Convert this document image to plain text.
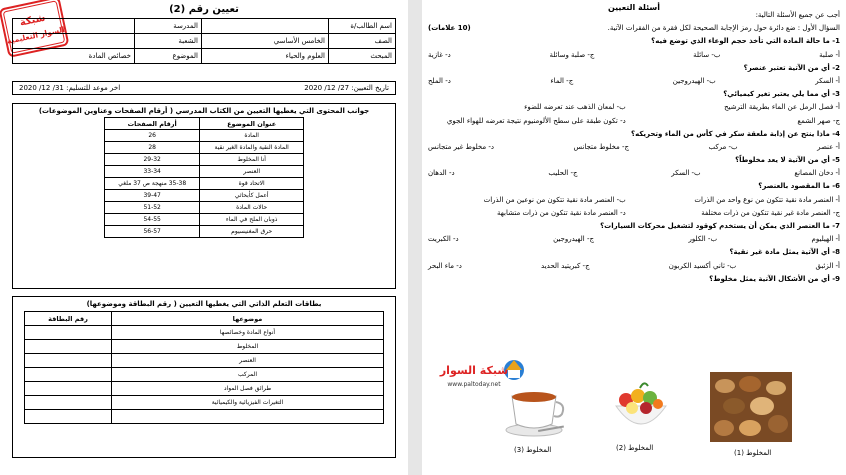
تعيين رقم (2)
شبكة
السوار التعليمية	اسم الطالب/ة		المدرسة	
الصف	الخامس الأساسي	الشعبة	
المبحث	العلوم والحياء	الموضوع	خصائص المادة
تاريخ التعيين: 27/ 12/ 2020
اخر موعد للتسليم: 31/ 12/ 2020
جوانب المحتوى التي يغطيها التعيين من الكتاب المدرسي ( أرقام الصفحات وعناوين الموضوعات)
عنوان الموضوع	أرقام الصفحات
المادة	26
المادة النقية والمادة الغير نقية	28
أنا المخلوط	29-32
العنصر	33-34
الاتحاد قوة	35-38 منهجة ص 37 ملغي
أعمل كأبحاثي	39-47
حالات المادة	51-52
ذوبان الملح في الماء	54-55
حرق المغنيسيوم	56-57
بطاقات التعلم الذاتي التي يغطيها التعيين ( رقم البطاقة وموضوعها)
موضوعها	رقم البطاقة
أنواع المادة وخصائصها	
المخلوط	
العنصر	
المركب	
طرائق فصل المواد	
التغيرات الفيزيائية والكيميائية	

أسئلة التعيين
أجب عن جميع الأسئلة التالية:
السؤال الأول : ضع دائرة حول رمز الإجابة الصحيحة لكل فقرة من الفقرات الآتية.
(10 علامات)
1- ما حالة المادة التي تأخذ حجم الوعاء الذي توضع فيه؟
أ- صلبة
ب- سائلة
ج- صلبة وسائلة
د- غازية
2- أي من الآتية تعتبر عنصر؟
أ- السكر
ب- الهيدروجين
ج- الماء
د- الملح
3- أي مما يلي يعتبر تغير كيميائي؟
أ- فصل الرمل عن الماء بطريقة الترشيح
ب- لمعان الذهب عند تعرضه للضوء
ج- صهر الشمع
د- تكون طبقة على سطح الألومنيوم نتيجة تعرضه للهواء الجوي
4- ماذا ينتج عن إذابة ملعقة سكر في كأس من الماء وتحريكه؟
أ- عنصر
ب- مركب
ج- مخلوط متجانس
د- مخلوط غير متجانس
5- أي من الآتية لا يعد مخلوطاً؟
أ- دخان المصانع
ب- السكر
ج- الحليب
د- الدهان
6- ما المقصود بالعنصر؟
أ- العنصر مادة نقية تتكون من نوع واحد من الذرات
ب- العنصر مادة نقية تتكون من نوعين من الذرات
ج- العنصر مادة غير نقية تتكون من ذرات مختلفة
د- العنصر مادة نقية تتكون من ذرات متشابهة
7- ما العنصر الذي يمكن أن يستخدم كوقود لتشغيل محركات السيارات؟
أ- الهيليوم
ب- الكلور
ج- الهيدروجين
د- الكبريت
8- أي الآتية يمثل مادة غير نقية؟
أ- الزئبق
ب- ثاني أكسيد الكربون
ج- كبريتيد الحديد
د- ماء البحر
9- أي من الأشكال الآتية يمثل مخلوط؟
شبكة السوار
www.paltoday.net
المخلوط (1)
المخلوط (2)
المخلوط (3)
